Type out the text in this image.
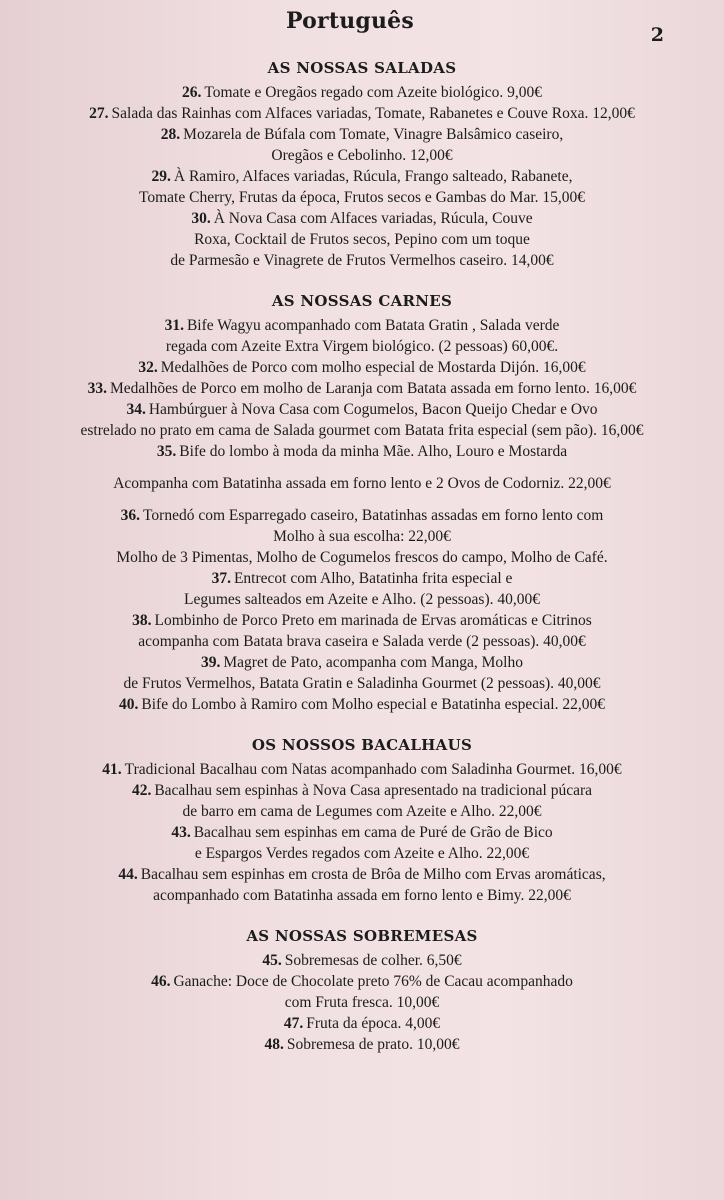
Português
2
AS NOSSAS SALADAS
26. Tomate e Oregãos regado com Azeite biológico. 9,00€
27. Salada das Rainhas com Alfaces variadas, Tomate, Rabanetes e Couve Roxa. 12,00€
28. Mozarela de Búfala com Tomate, Vinagre Balsâmico caseiro,
Oregãos e Cebolinho. 12,00€
29. À Ramiro, Alfaces variadas, Rúcula, Frango salteado, Rabanete,
Tomate Cherry, Frutas da época, Frutos secos e Gambas do Mar. 15,00€
30. À Nova Casa com Alfaces variadas, Rúcula, Couve
Roxa, Cocktail de Frutos secos, Pepino com um toque
de Parmesão e Vinagrete de Frutos Vermelhos caseiro. 14,00€
AS NOSSAS CARNES
31. Bife Wagyu acompanhado com Batata Gratin , Salada verde
regada com Azeite Extra Virgem biológico. (2 pessoas) 60,00€.
32. Medalhões de Porco com molho especial de Mostarda Dijón. 16,00€
33. Medalhões de Porco em molho de Laranja com Batata assada em forno lento. 16,00€
34. Hambúrguer à Nova Casa com Cogumelos, Bacon Queijo Chedar e Ovo
estrelado no prato em cama de Salada gourmet com Batata frita especial (sem pão). 16,00€
35. Bife do lombo à moda da minha Mãe. Alho, Louro e Mostarda
Acompanha com Batatinha assada em forno lento e 2 Ovos de Codorniz. 22,00€
36. Tornedó com Esparregado caseiro, Batatinhas assadas em forno lento com
Molho à sua escolha: 22,00€
Molho de 3 Pimentas, Molho de Cogumelos frescos do campo, Molho de Café.
37. Entrecot com Alho, Batatinha frita especial e
Legumes salteados em Azeite e Alho. (2 pessoas). 40,00€
38. Lombinho de Porco Preto em marinada de Ervas aromáticas e Citrinos
acompanha com Batata brava caseira e Salada verde (2 pessoas). 40,00€
39. Magret de Pato, acompanha com Manga, Molho
de Frutos Vermelhos, Batata Gratin e Saladinha Gourmet (2 pessoas). 40,00€
40. Bife do Lombo à Ramiro com Molho especial e Batatinha especial. 22,00€
OS NOSSOS BACALHAUS
41. Tradicional Bacalhau com Natas acompanhado com Saladinha Gourmet. 16,00€
42. Bacalhau sem espinhas à Nova Casa apresentado na tradicional púcara
de barro em cama de Legumes com Azeite e Alho. 22,00€
43. Bacalhau sem espinhas em cama de Puré de Grão de Bico
e Espargos Verdes regados com Azeite e Alho. 22,00€
44. Bacalhau sem espinhas em crosta de Brôa de Milho com Ervas aromáticas,
acompanhado com Batatinha assada em forno lento e Bimy. 22,00€
AS NOSSAS SOBREMESAS
45. Sobremesas de colher. 6,50€
46. Ganache: Doce de Chocolate preto 76% de Cacau acompanhado
com Fruta fresca. 10,00€
47. Fruta da época. 4,00€
48. Sobremesa de prato. 10,00€
